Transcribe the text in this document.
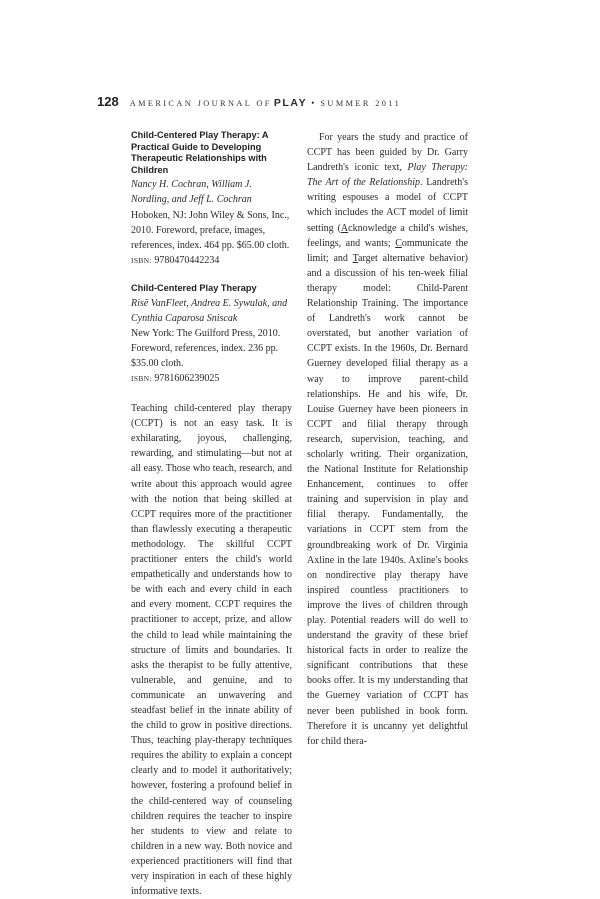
128 AMERICAN JOURNAL OF PLAY • SUMMER 2011

Child-Centered Play Therapy: A Practical Guide to Developing Therapeutic Relationships with Children

Nancy H. Cochran, William J. Nordling, and Jeff L. Cochran

Hoboken, NJ: John Wiley & Sons, Inc., 2010. Foreword, preface, images, references, index. 464 pp. $65.00 cloth.

ISBN: 9780470442234

Child-Centered Play Therapy

Risë VanFleet, Andrea E. Sywulak, and Cynthia Caparosa Sniscak

New York: The Guilford Press, 2010. Foreword, references, index. 236 pp. $35.00 cloth.

ISBN: 9781606239025

Teaching child-centered play therapy (CCPT) is not an easy task. It is exhilarating, joyous, challenging, rewarding, and stimulating—but not at all easy. Those who teach, research, and write about this approach would agree with the notion that being skilled at CCPT requires more of the practitioner than flawlessly executing a therapeutic methodology. The skillful CCPT practitioner enters the child's world empathetically and understands how to be with each and every child in each and every moment. CCPT requires the practitioner to accept, prize, and allow the child to lead while maintaining the structure of limits and boundaries. It asks the therapist to be fully attentive, vulnerable, and genuine, and to communicate an unwavering and steadfast belief in the innate ability of the child to grow in positive directions. Thus, teaching play-therapy techniques requires the ability to explain a concept clearly and to model it authoritatively; however, fostering a profound belief in the child-centered way of counseling children requires the teacher to inspire her students to view and relate to children in a new way. Both novice and experienced practitioners will find that very inspiration in each of these highly informative texts.

For years the study and practice of CCPT has been guided by Dr. Garry Landreth's iconic text, Play Therapy: The Art of the Relationship. Landreth's writing espouses a model of CCPT which includes the ACT model of limit setting (Acknowledge a child's wishes, feelings, and wants; Communicate the limit; and Target alternative behavior) and a discussion of his ten-week filial therapy model: Child-Parent Relationship Training. The importance of Landreth's work cannot be overstated, but another variation of CCPT exists. In the 1960s, Dr. Bernard Guerney developed filial therapy as a way to improve parent-child relationships. He and his wife, Dr. Louise Guerney have been pioneers in CCPT and filial therapy through research, supervision, teaching, and scholarly writing. Their organization, the National Institute for Relationship Enhancement, continues to offer training and supervision in play and filial therapy. Fundamentally, the variations in CCPT stem from the groundbreaking work of Dr. Virginia Axline in the late 1940s. Axline's books on nondirective play therapy have inspired countless practitioners to improve the lives of children through play. Potential readers will do well to understand the gravity of these brief historical facts in order to realize the significant contributions that these books offer. It is my understanding that the Guerney variation of CCPT has never been published in book form. Therefore it is uncanny yet delightful for child thera-
